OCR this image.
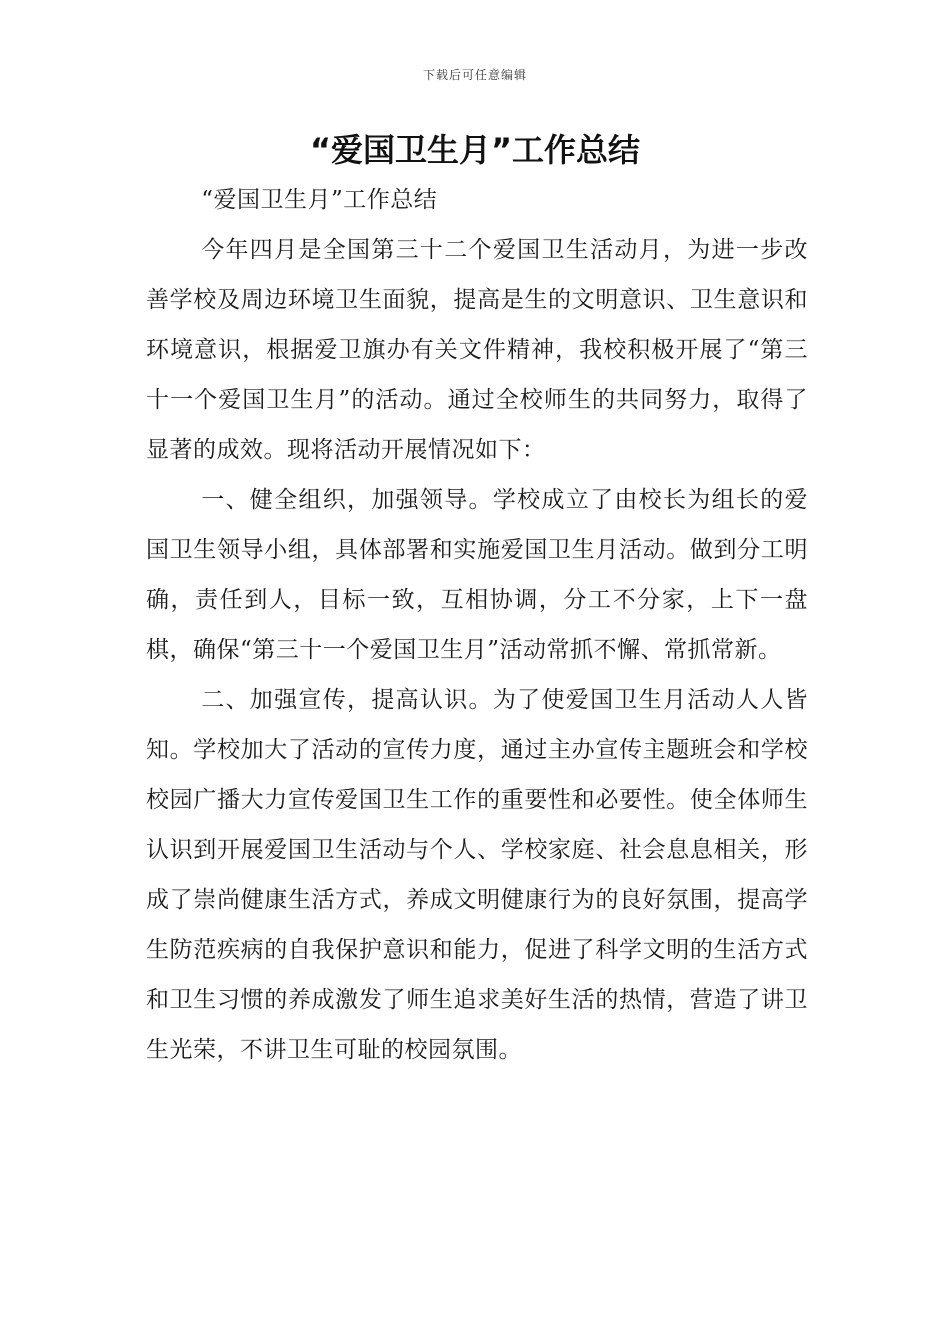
下载后可任意编辑
“爱国卫生月”工作总结

“爱国卫生月”工作总结

今年四月是全国第三十二个爱国卫生活动月，为进一步改善学校及周边环境卫生面貌，提高是生的文明意识、卫生意识和环境意识，根据爱卫旗办有关文件精神，我校积极开展了“第三十一个爱国卫生月”的活动。通过全校师生的共同努力，取得了显著的成效。现将活动开展情况如下：

一、健全组织，加强领导。学校成立了由校长为组长的爱国卫生领导小组，具体部署和实施爱国卫生月活动。做到分工明确，责任到人，目标一致，互相协调，分工不分家，上下一盘棋，确保“第三十一个爱国卫生月”活动常抓不懈、常抓常新。

二、加强宣传，提高认识。为了使爱国卫生月活动人人皆知。学校加大了活动的宣传力度，通过主办宣传主题班会和学校校园广播大力宣传爱国卫生工作的重要性和必要性。使全体师生认识到开展爱国卫生活动与个人、学校家庭、社会息息相关，形成了崇尚健康生活方式，养成文明健康行为的良好氛围，提高学生防范疾病的自我保护意识和能力，促进了科学文明的生活方式和卫生习惯的养成激发了师生追求美好生活的热情，营造了讲卫生光荣，不讲卫生可耻的校园氛围。
